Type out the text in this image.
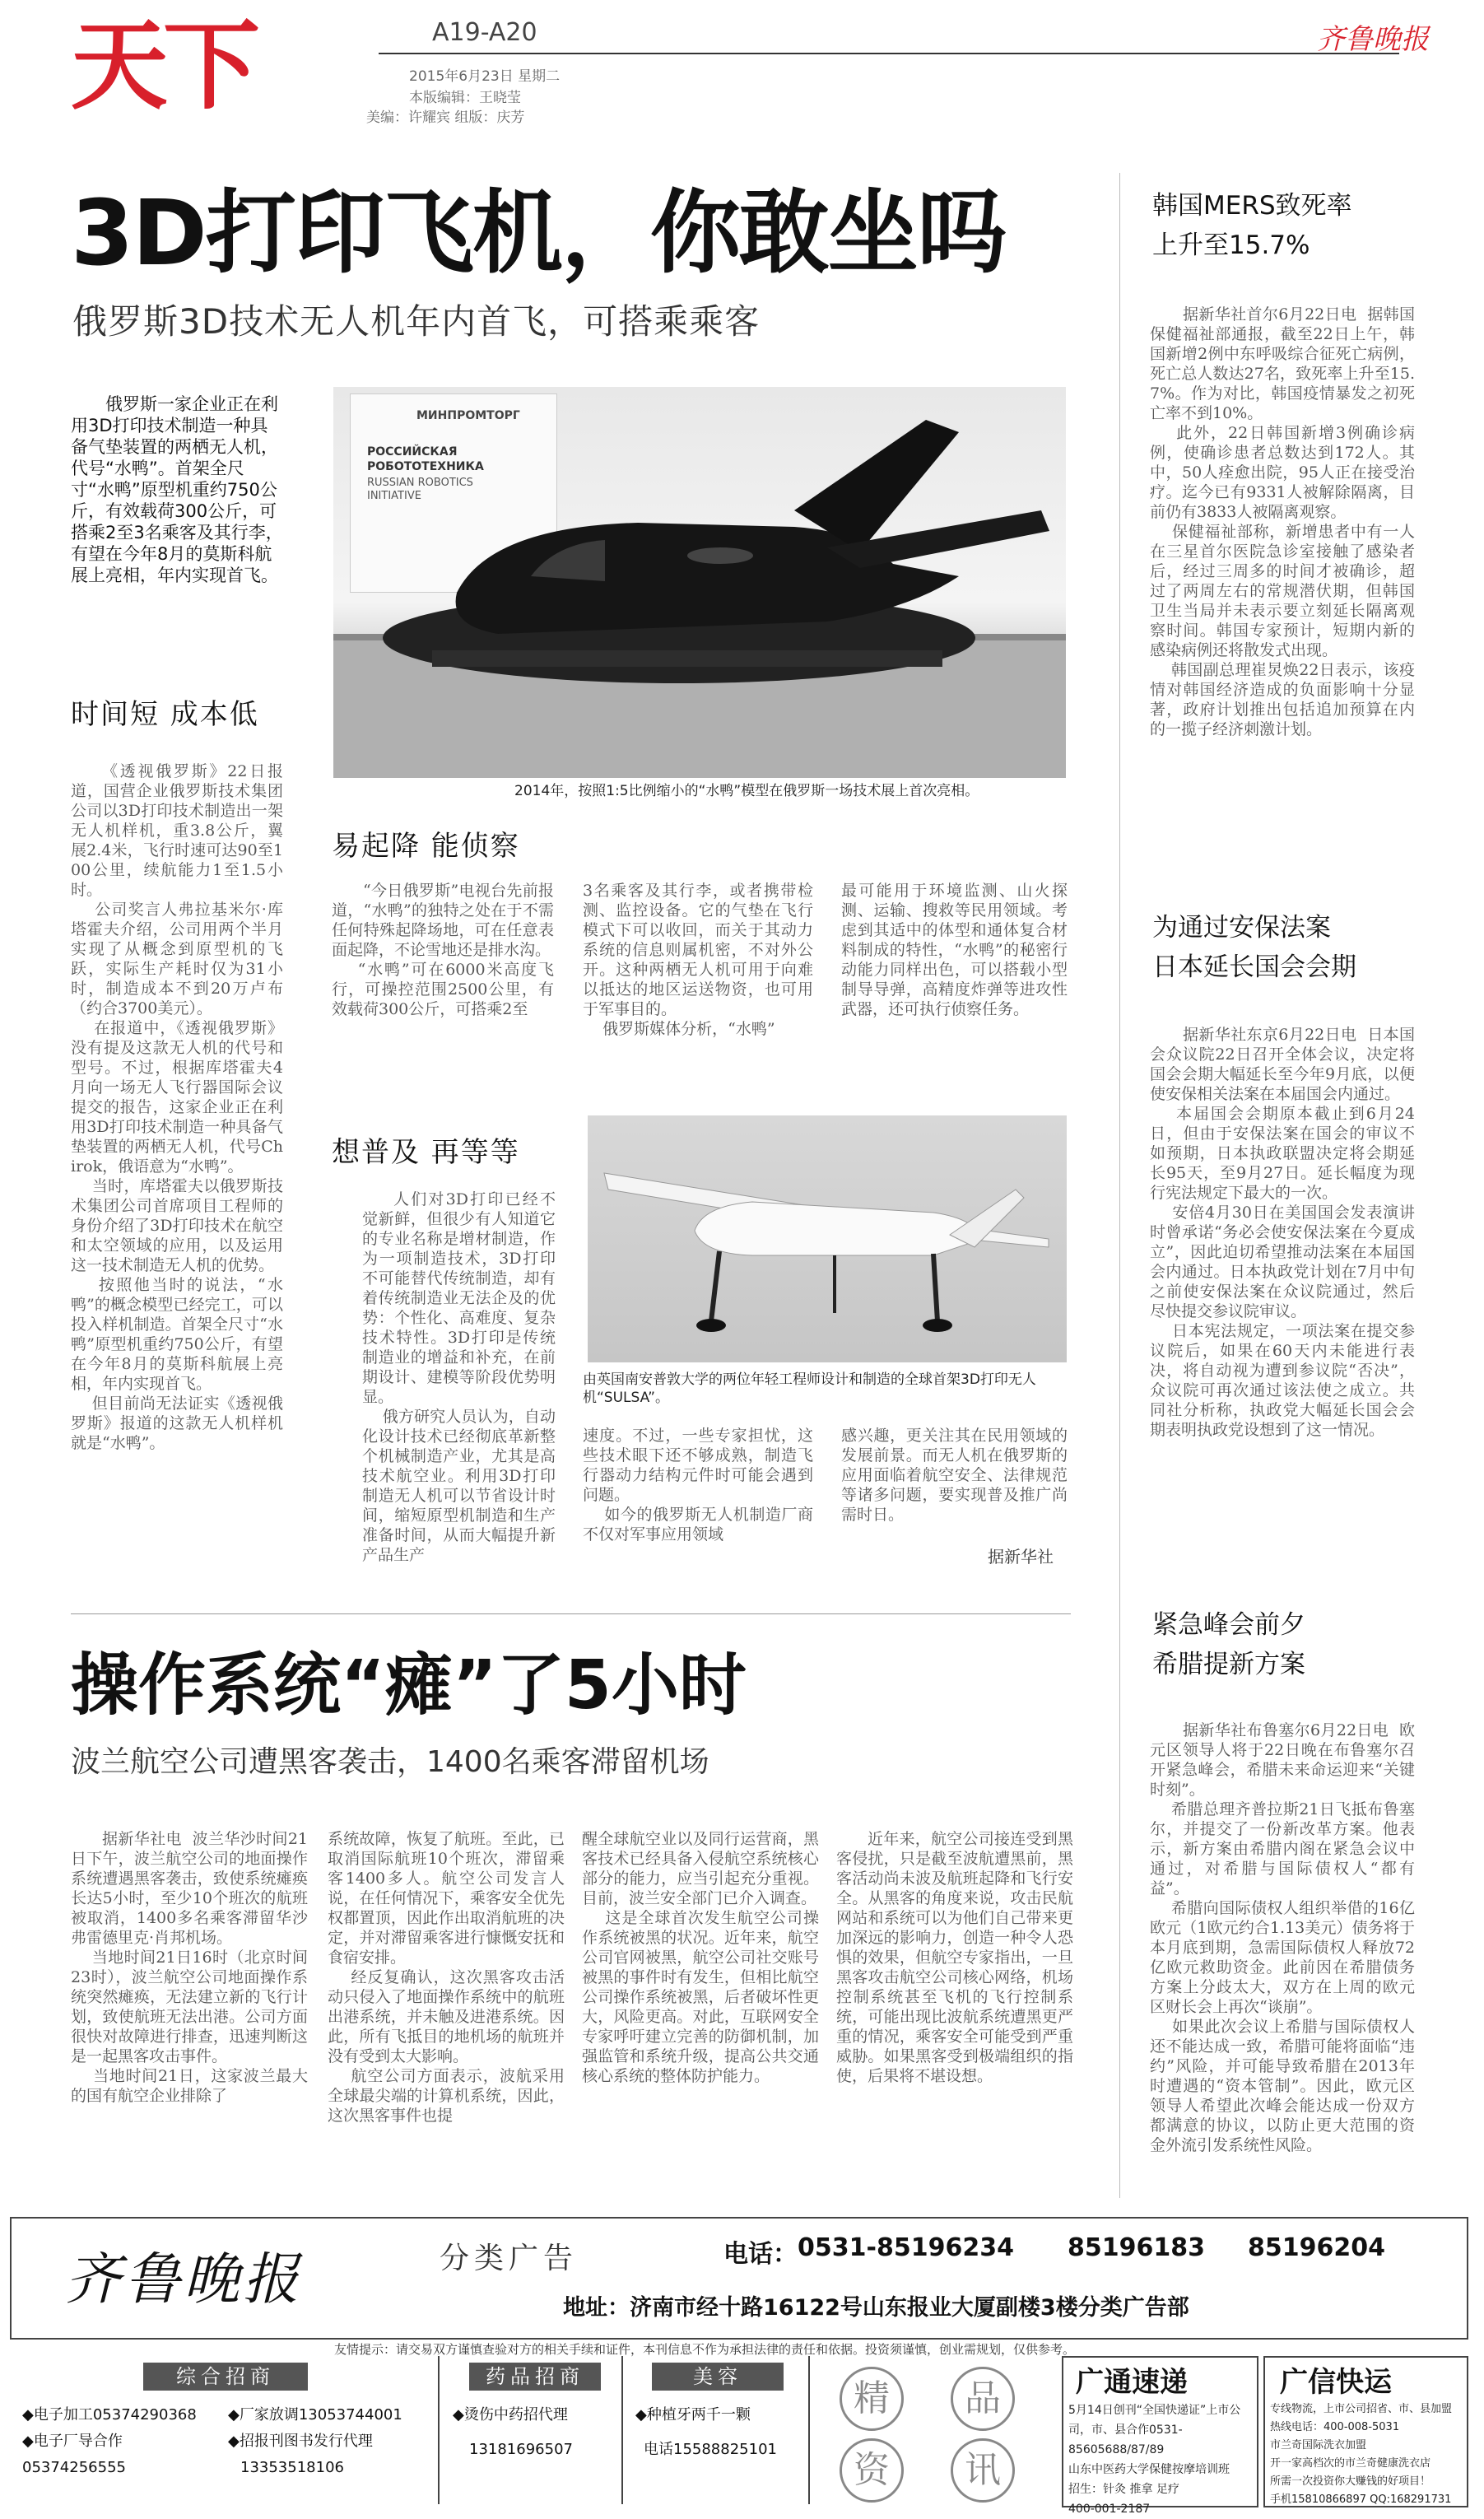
天下	A19-A20
2015年6月23日 星期二
本版编辑：王晓莹
美编：许耀宾 组版：庆芳
齐鲁晚报
3D打印飞机，你敢坐吗
俄罗斯3D技术无人机年内首飞，可搭乘乘客
俄罗斯一家企业正在利用3D打印技术制造一种具备气垫装置的两栖无人机，代号“水鸭”。首架全尺寸“水鸭”原型机重约750公斤，有效载荷300公斤，可搭乘2至3名乘客及其行李，有望在今年8月的莫斯科航展上亮相，年内实现首飞。
时间短 成本低
《透视俄罗斯》22日报道，国营企业俄罗斯技术集团公司以3D打印技术制造出一架无人机样机，重3.8公斤，翼展2.4米，飞行时速可达90至100公里，续航能力1至1.5小时。
公司奖言人弗拉基米尔·库塔霍夫介绍，公司用两个半月实现了从概念到原型机的飞跃，实际生产耗时仅为31小时，制造成本不到20万卢布（约合3700美元）。
在报道中，《透视俄罗斯》没有提及这款无人机的代号和型号。不过，根据库塔霍夫4月向一场无人飞行器国际会议提交的报告，这家企业正在利用3D打印技术制造一种具备气垫装置的两栖无人机，代号Chirok，俄语意为“水鸭”。
当时，库塔霍夫以俄罗斯技术集团公司首席项目工程师的身份介绍了3D打印技术在航空和太空领域的应用，以及运用这一技术制造无人机的优势。
按照他当时的说法，“水鸭”的概念模型已经完工，可以投入样机制造。首架全尺寸“水鸭”原型机重约750公斤，有望在今年8月的莫斯科航展上亮相，年内实现首飞。
但目前尚无法证实《透视俄罗斯》报道的这款无人机样机就是“水鸭”。
МИНПРОМТОРГ
РОССИЙСКАЯ
РОБОТОТЕХНИКА
RUSSIAN ROBOTICS
INITIATIVE
2014年，按照1:5比例缩小的“水鸭”模型在俄罗斯一场技术展上首次亮相。
易起降 能侦察
“今日俄罗斯”电视台先前报道，“水鸭”的独特之处在于不需任何特殊起降场地，可在任意表面起降，不论雪地还是排水沟。
“水鸭”可在6000米高度飞行，可操控范围2500公里，有效载荷300公斤，可搭乘2至
3名乘客及其行李，或者携带检测、监控设备。它的气垫在飞行模式下可以收回，而关于其动力系统的信息则属机密，不对外公开。这种两栖无人机可用于向难以抵达的地区运送物资，也可用于军事目的。
俄罗斯媒体分析，“水鸭”
最可能用于环境监测、山火探测、运输、搜救等民用领域。考虑到其适中的体型和通体复合材料制成的特性，“水鸭”的秘密行动能力同样出色，可以搭载小型制导导弹，高精度炸弹等进攻性武器，还可执行侦察任务。
想普及 再等等
人们对3D打印已经不觉新鲜，但很少有人知道它的专业名称是增材制造，作为一项制造技术，3D打印不可能替代传统制造，却有着传统制造业无法企及的优势：个性化、高难度、复杂技术特性。3D打印是传统制造业的增益和补充，在前期设计、建模等阶段优势明显。
俄方研究人员认为，自动化设计技术已经彻底革新整个机械制造产业，尤其是高技术航空业。利用3D打印制造无人机可以节省设计时间，缩短原型机制造和生产准备时间，从而大幅提升新产品生产
由英国南安普敦大学的两位年轻工程师设计和制造的全球首架3D打印无人机“SULSA”。
速度。不过，一些专家担忧，这些技术眼下还不够成熟，制造飞行器动力结构元件时可能会遇到问题。
如今的俄罗斯无人机制造厂商不仅对军事应用领域
感兴趣，更关注其在民用领域的发展前景。而无人机在俄罗斯的应用面临着航空安全、法律规范等诸多问题，要实现普及推广尚需时日。
据新华社
操作系统“瘫”了5小时
波兰航空公司遭黑客袭击，1400名乘客滞留机场
据新华社电  波兰华沙时间21日下午，波兰航空公司的地面操作系统遭遇黑客袭击，致使系统瘫痪长达5小时，至少10个班次的航班被取消，1400多名乘客滞留华沙弗雷德里克·肖邦机场。
当地时间21日16时（北京时间23时），波兰航空公司地面操作系统突然瘫痪，无法建立新的飞行计划，致使航班无法出港。公司方面很快对故障进行排查，迅速判断这是一起黑客攻击事件。
当地时间21日，这家波兰最大的国有航空企业排除了
系统故障，恢复了航班。至此，已取消国际航班10个班次，滞留乘客1400多人。航空公司发言人说，在任何情况下，乘客安全优先权都置顶，因此作出取消航班的决定，并对滞留乘客进行慷慨安抚和食宿安排。
经反复确认，这次黑客攻击活动只侵入了地面操作系统中的航班出港系统，并未触及进港系统。因此，所有飞抵目的地机场的航班并没有受到太大影响。
航空公司方面表示，波航采用全球最尖端的计算机系统，因此，这次黑客事件也提
醒全球航空业以及同行运营商，黑客技术已经具备入侵航空系统核心部分的能力，应当引起充分重视。目前，波兰安全部门已介入调查。
这是全球首次发生航空公司操作系统被黑的状况。近年来，航空公司官网被黑，航空公司社交账号被黑的事件时有发生，但相比航空公司操作系统被黑，后者破坏性更大，风险更高。对此，互联网安全专家呼吁建立完善的防御机制，加强监管和系统升级，提高公共交通核心系统的整体防护能力。
近年来，航空公司接连受到黑客侵扰，只是截至波航遭黑前，黑客活动尚未波及航班起降和飞行安全。从黑客的角度来说，攻击民航网站和系统可以为他们自己带来更加深远的影响力，创造一种令人恐惧的效果，但航空专家指出，一旦黑客攻击航空公司核心网络，机场控制系统甚至飞机的飞行控制系统，可能出现比波航系统遭黑更严重的情况，乘客安全可能受到严重威胁。如果黑客受到极端组织的指使，后果将不堪设想。
韩国MERS致死率
上升至15.7%
据新华社首尔6月22日电  据韩国保健福祉部通报，截至22日上午，韩国新增2例中东呼吸综合征死亡病例，死亡总人数达27名，致死率上升至15.7%。作为对比，韩国疫情暴发之初死亡率不到10%。
此外，22日韩国新增3例确诊病例，使确诊患者总数达到172人。其中，50人痊愈出院，95人正在接受治疗。迄今已有9331人被解除隔离，目前仍有3833人被隔离观察。
保健福祉部称，新增患者中有一人在三星首尔医院急诊室接触了感染者后，经过三周多的时间才被确诊，超过了两周左右的常规潜伏期，但韩国卫生当局并未表示要立刻延长隔离观察时间。韩国专家预计，短期内新的感染病例还将散发式出现。
韩国副总理崔炅焕22日表示，该疫情对韩国经济造成的负面影响十分显著，政府计划推出包括追加预算在内的一揽子经济刺激计划。
为通过安保法案
日本延长国会会期
据新华社东京6月22日电  日本国会众议院22日召开全体会议，决定将国会会期大幅延长至今年9月底，以便使安保相关法案在本届国会内通过。
本届国会会期原本截止到6月24日，但由于安保法案在国会的审议不如预期，日本执政联盟决定将会期延长95天，至9月27日。延长幅度为现行宪法规定下最大的一次。
安倍4月30日在美国国会发表演讲时曾承诺“务必会使安保法案在今夏成立”，因此迫切希望推动法案在本届国会内通过。日本执政党计划在7月中旬之前使安保法案在众议院通过，然后尽快提交参议院审议。
日本宪法规定，一项法案在提交参议院后，如果在60天内未能进行表决，将自动视为遭到参议院“否决”，众议院可再次通过该法使之成立。共同社分析称，执政党大幅延长国会会期表明执政党设想到了这一情况。
紧急峰会前夕
希腊提新方案
据新华社布鲁塞尔6月22日电  欧元区领导人将于22日晚在布鲁塞尔召开紧急峰会，希腊未来命运迎来“关键时刻”。
希腊总理齐普拉斯21日飞抵布鲁塞尔，并提交了一份新改革方案。他表示，新方案由希腊内阁在紧急会议中通过，对希腊与国际债权人“都有益”。
希腊向国际债权人组织举借的16亿欧元（1欧元约合1.13美元）债务将于本月底到期，急需国际债权人释放72亿欧元救助资金。此前因在希腊债务方案上分歧太大，双方在上周的欧元区财长会上再次“谈崩”。
如果此次会议上希腊与国际债权人还不能达成一致，希腊可能将面临“违约”风险，并可能导致希腊在2013年时遭遇的“资本管制”。因此，欧元区领导人希望此次峰会能达成一份双方都满意的协议，以防止更大范围的资金外流引发系统性风险。
齐鲁晚报	分类广告	电话： 0531-85196234 85196183 85196204
地址：济南市经十路16122号山东报业大厦副楼3楼分类广告部
友情提示：请交易双方谨慎查验对方的相关手续和证件，本刊信息不作为承担法律的责任和依据。投资须谨慎，创业需规划，仅供参考。
综合招商
◆电子加工05374290368
◆电子厂导合作
05374256555
◆厂家放调13053744001
◆招报刊图书发行代理
13353518106
药品招商
◆烫伤中药招代理
13181696507
美容
◆种植牙两千一颗
电话15588825101
精	品
资	讯
广通速递
5月14日创刊“全国快递证”上市公司，市、县合作0531-85605688/87/89
山东中医药大学保健按摩培训班
招生：针灸 推拿 足疗
400-001-2187
广信快运
专线物流，上市公司招省、市、县加盟热线电话：400-008-5031
市兰奇国际洗衣加盟
开一家高档次的市兰奇健康洗衣店
所需一次投资你大赚钱的好项目！
手机15810866897 QQ:168291731
